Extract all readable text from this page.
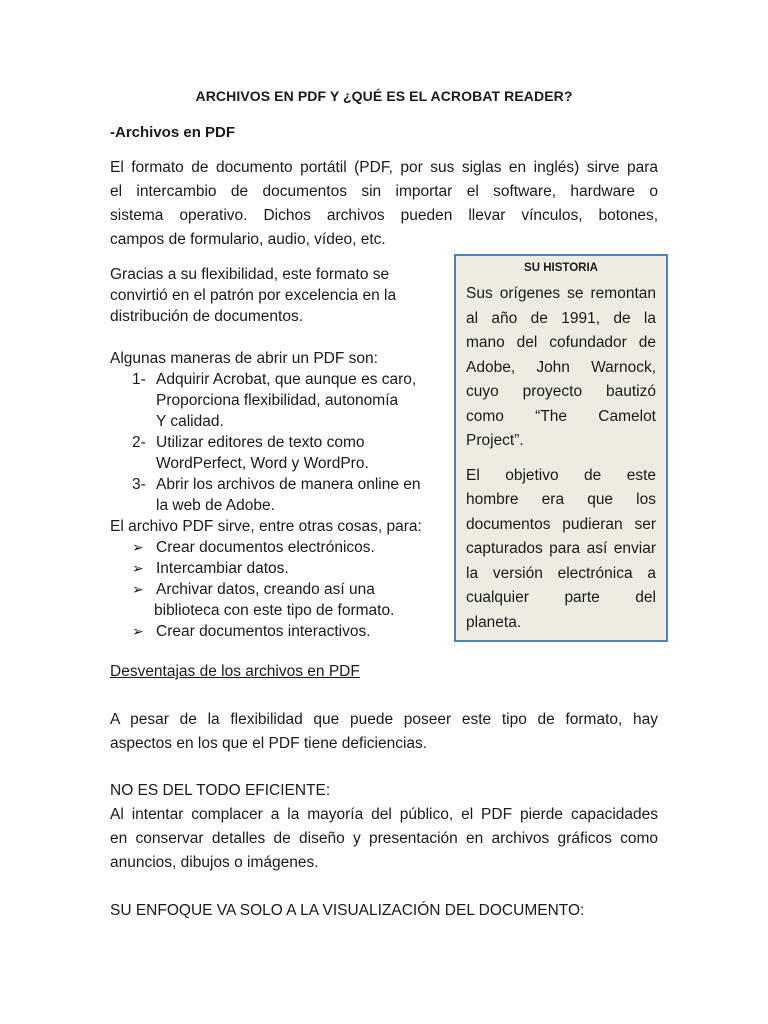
ARCHIVOS EN PDF Y ¿QUÉ ES EL ACROBAT READER?
-Archivos en PDF
El formato de documento portátil (PDF, por sus siglas en inglés) sirve para
el intercambio de documentos sin importar el software, hardware o
sistema operativo. Dichos archivos pueden llevar vínculos, botones,
campos de formulario, audio, vídeo, etc.

Gracias a su flexibilidad, este formato se

convirtió en el patrón por excelencia en la

distribución de documentos.

Algunas maneras de abrir un PDF son:

1- Adquirir Acrobat, que aunque es caro,
Proporciona flexibilidad, autonomía
Y calidad.
2- Utilizar editores de texto como
WordPerfect, Word y WordPro.
3- Abrir los archivos de manera online en
la web de Adobe.

El archivo PDF sirve, entre otras cosas, para:

➢ Crear documentos electrónicos.
➢ Intercambiar datos.
➢ Archivar datos, creando así una
biblioteca con este tipo de formato.
➢ Crear documentos interactivos.
SU HISTORIA
Sus orígenes se remontan
al año de 1991, de la
mano del cofundador de
Adobe, John Warnock,
cuyo proyecto bautizó
como “The Camelot
Project”.
El objetivo de este
hombre era que los
documentos pudieran ser
capturados para así enviar
la versión electrónica a
cualquier parte del
planeta.
Desventajas de los archivos en PDF
A pesar de la flexibilidad que puede poseer este tipo de formato, hay
aspectos en los que el PDF tiene deficiencias.
NO ES DEL TODO EFICIENTE:
Al intentar complacer a la mayoría del público, el PDF pierde capacidades
en conservar detalles de diseño y presentación en archivos gráficos como
anuncios, dibujos o imágenes.
SU ENFOQUE VA SOLO A LA VISUALIZACIÓN DEL DOCUMENTO:
